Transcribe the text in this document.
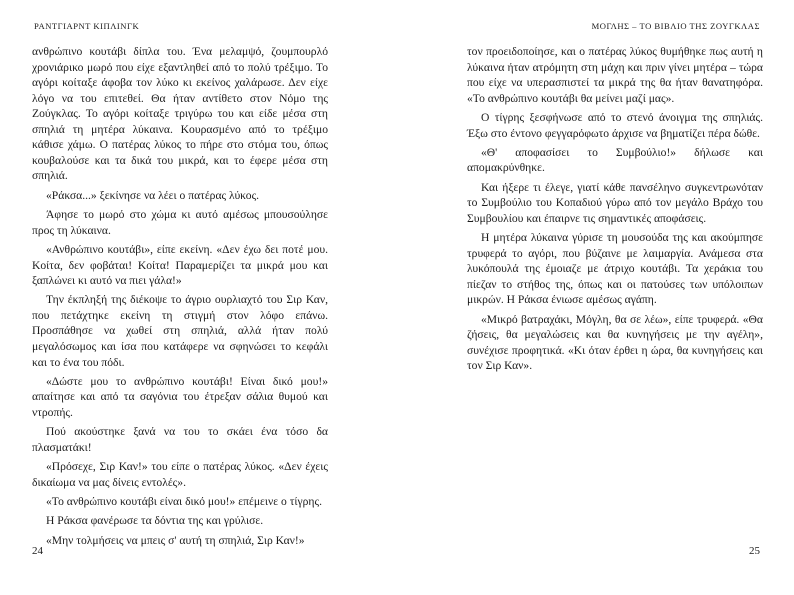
ΡΑΝΤΓΙΑΡΝΤ ΚΙΠΛΙΝΓΚ

ανθρώπινο κουτάβι δίπλα του. Ένα μελαμψό, ζουμπουρλό χρονιάρικο μωρό που είχε εξαντληθεί από το πολύ τρέξιμο. Το αγόρι κοίταξε άφοβα τον λύκο κι εκείνος χαλάρωσε. Δεν είχε λόγο να του επιτεθεί. Θα ήταν αντίθετο στον Νόμο της Ζούγκλας. Το αγόρι κοίταξε τριγύρω του και είδε μέσα στη σπηλιά τη μητέρα λύκαινα. Κουρασμένο από το τρέξιμο κάθισε χάμω. Ο πατέρας λύκος το πήρε στο στόμα του, όπως κουβαλούσε και τα δικά του μικρά, και το έφερε μέσα στη σπηλιά.

«Ράκσα...» ξεκίνησε να λέει ο πατέρας λύκος.

Άφησε το μωρό στο χώμα κι αυτό αμέσως μπουσούλησε προς τη λύκαινα.

«Ανθρώπινο κουτάβι», είπε εκείνη. «Δεν έχω δει ποτέ μου. Κοίτα, δεν φοβάται! Κοίτα! Παραμερίζει τα μικρά μου και ξαπλώνει κι αυτό να πιει γάλα!»

Την έκπληξή της διέκοψε το άγριο ουρλιαχτό του Σιρ Καν, που πετάχτηκε εκείνη τη στιγμή στον λόφο επάνω. Προσπάθησε να χωθεί στη σπηλιά, αλλά ήταν πολύ μεγαλόσωμος και ίσα που κατάφερε να σφηνώσει το κεφάλι και το ένα του πόδι.

«Δώστε μου το ανθρώπινο κουτάβι! Είναι δικό μου!» απαίτησε και από τα σαγόνια του έτρεξαν σάλια θυμού και ντροπής.

Πού ακούστηκε ξανά να του το σκάει ένα τόσο δα πλασματάκι!

«Πρόσεχε, Σιρ Καν!» του είπε ο πατέρας λύκος. «Δεν έχεις δικαίωμα να μας δίνεις εντολές».

«Το ανθρώπινο κουτάβι είναι δικό μου!» επέμεινε ο τίγρης.

Η Ράκσα φανέρωσε τα δόντια της και γρύλισε.

«Μην τολμήσεις να μπεις σ' αυτή τη σπηλιά, Σιρ Καν!»

24
ΜΟΓΛΗΣ – ΤΟ ΒΙΒΛΙΟ ΤΗΣ ΖΟΥΓΚΛΑΣ

τον προειδοποίησε, και ο πατέρας λύκος θυμήθηκε πως αυτή η λύκαινα ήταν ατρόμητη στη μάχη και πριν γίνει μητέρα – τώρα που είχε να υπερασπιστεί τα μικρά της θα ήταν θανατηφόρα. «Το ανθρώπινο κουτάβι θα μείνει μαζί μας».

Ο τίγρης ξεσφήνωσε από το στενό άνοιγμα της σπηλιάς. Έξω στο έντονο φεγγαρόφωτο άρχισε να βηματίζει πέρα δώθε.

«Θ' αποφασίσει το Συμβούλιο!» δήλωσε και απομακρύνθηκε.

Και ήξερε τι έλεγε, γιατί κάθε πανσέληνο συγκεντρωνόταν το Συμβούλιο του Κοπαδιού γύρω από τον μεγάλο Βράχο του Συμβουλίου και έπαιρνε τις σημαντικές αποφάσεις.

Η μητέρα λύκαινα γύρισε τη μουσούδα της και ακούμπησε τρυφερά το αγόρι, που βύζαινε με λαιμαργία. Ανάμεσα στα λυκόπουλά της έμοιαζε με άτριχο κουτάβι. Τα χεράκια του πίεζαν το στήθος της, όπως και οι πατούσες των υπόλοιπων μικρών. Η Ράκσα ένιωσε αμέσως αγάπη.

«Μικρό βατραχάκι, Μόγλη, θα σε λέω», είπε τρυφερά. «Θα ζήσεις, θα μεγαλώσεις και θα κυνηγήσεις με την αγέλη», συνέχισε προφητικά. «Κι όταν έρθει η ώρα, θα κυνηγήσεις και τον Σιρ Καν».

25
